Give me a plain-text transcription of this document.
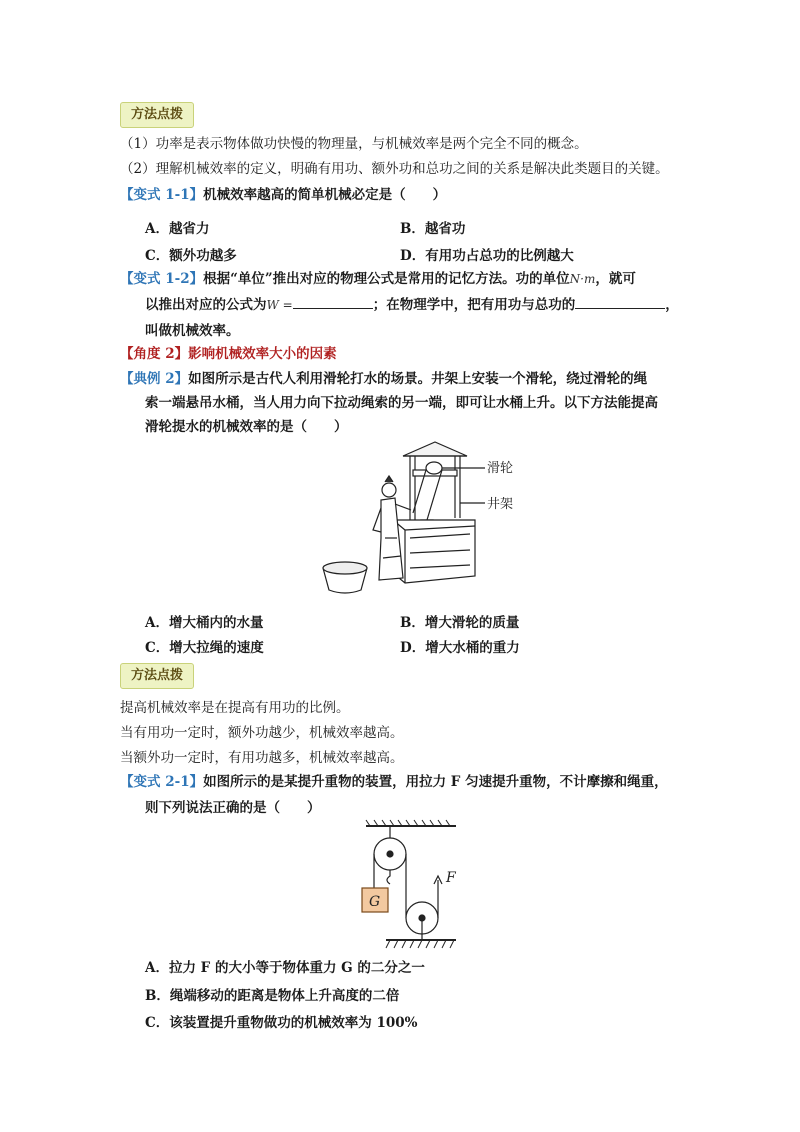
方法点拨
（1）功率是表示物体做功快慢的物理量，与机械效率是两个完全不同的概念。
（2）理解机械效率的定义，明确有用功、额外功和总功之间的关系是解决此类题目的关键。
【变式 1-1】机械效率越高的简单机械必定是（　　）
A．越省力	B．越省功
C．额外功越多	D．有用功占总功的比例越大
【变式 1-2】根据“单位”推出对应的物理公式是常用的记忆方法。功的单位N·m，就可
以推出对应的公式为W =	；在物理学中，把有用功与总功的	，
叫做机械效率。
【角度 2】影响机械效率大小的因素
【典例 2】如图所示是古代人利用滑轮打水的场景。井架上安装一个滑轮，绕过滑轮的绳
索一端悬吊水桶，当人用力向下拉动绳索的另一端，即可让水桶上升。以下方法能提高
滑轮提水的机械效率的是（　　）
滑轮
井架
A．增大桶内的水量	B．增大滑轮的质量
C．增大拉绳的速度	D．增大水桶的重力
方法点拨
提高机械效率是在提高有用功的比例。
当有用功一定时，额外功越少，机械效率越高。
当额外功一定时，有用功越多，机械效率越高。
【变式 2-1】如图所示的是某提升重物的装置，用拉力 F 匀速提升重物，不计摩擦和绳重，
则下列说法正确的是（　　）
G
F
A．拉力 F 的大小等于物体重力 G 的二分之一
B．绳端移动的距离是物体上升高度的二倍
C．该装置提升重物做功的机械效率为 100%
